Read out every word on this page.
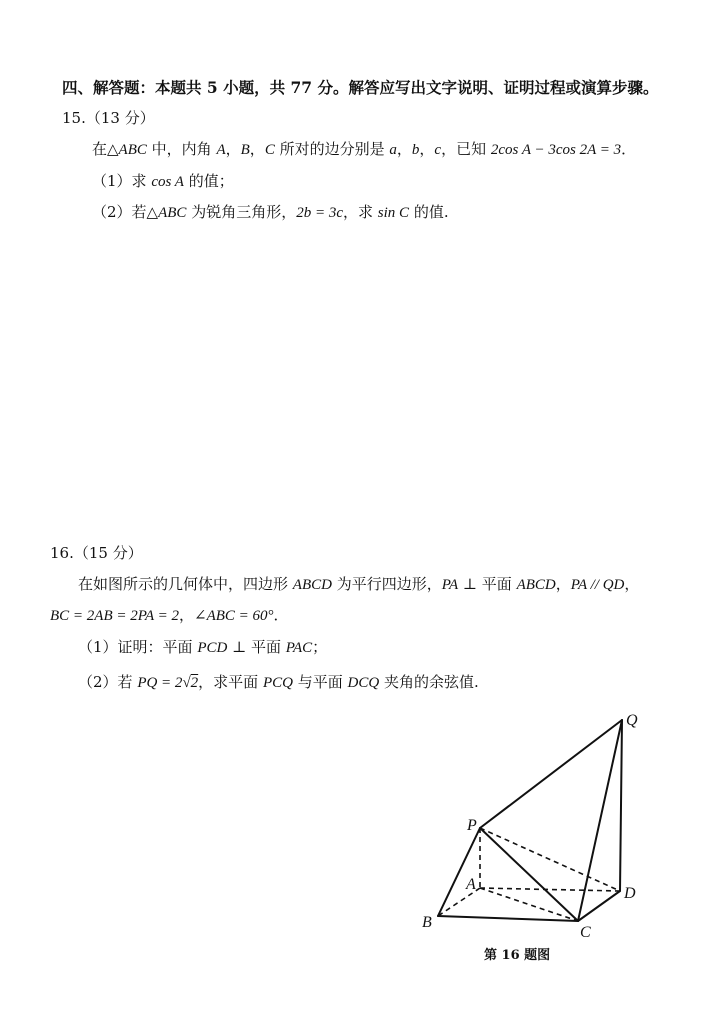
四、解答题：本题共 5 小题，共 77 分。解答应写出文字说明、证明过程或演算步骤。
15.（13 分）
在△ABC 中，内角 A，B，C 所对的边分别是 a，b，c，已知 2cos A − 3cos 2A = 3．
（1）求 cos A 的值；
（2）若△ABC 为锐角三角形，2b = 3c，求 sin C 的值.
16.（15 分）
在如图所示的几何体中，四边形 ABCD 为平行四边形，PA ⊥ 平面 ABCD，PA // QD，
BC = 2AB = 2PA = 2，∠ABC = 60°．
（1）证明：平面 PCD ⊥ 平面 PAC；
（2）若 PQ = 2√2，求平面 PCQ 与平面 DCQ 夹角的余弦值.
Q
P
A
D
B
C
第 16 题图
